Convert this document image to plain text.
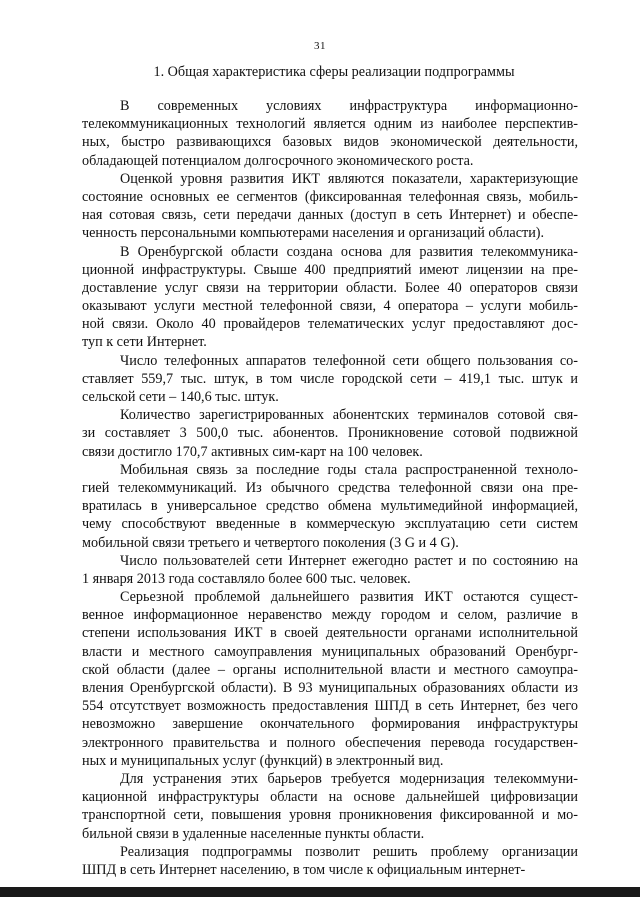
31
1. Общая характеристика сферы реализации подпрограммы
В современных условиях инфраструктура информационно-
телекоммуникационных технологий является одним из наиболее перспектив-
ных, быстро развивающихся базовых видов экономической деятельности,
обладающей потенциалом долгосрочного экономического роста.
Оценкой уровня развития ИКТ являются показатели, характеризующие
состояние основных ее сегментов (фиксированная телефонная связь, мобиль-
ная сотовая связь, сети передачи данных (доступ в сеть Интернет) и обеспе-
ченность персональными компьютерами населения и организаций области).
В Оренбургской области создана основа для развития телекоммуника-
ционной инфраструктуры. Свыше 400 предприятий имеют лицензии на пре-
доставление услуг связи на территории области. Более 40 операторов связи
оказывают услуги местной телефонной связи, 4 оператора – услуги мобиль-
ной связи. Около 40 провайдеров телематических услуг предоставляют дос-
туп к сети Интернет.
Число телефонных аппаратов телефонной сети общего пользования со-
ставляет 559,7 тыс. штук, в том числе городской сети – 419,1 тыс. штук и
сельской сети – 140,6 тыс. штук.
Количество зарегистрированных абонентских терминалов сотовой свя-
зи составляет 3 500,0 тыс. абонентов. Проникновение сотовой подвижной
связи достигло 170,7 активных сим-карт на 100 человек.
Мобильная связь за последние годы стала распространенной техноло-
гией телекоммуникаций. Из обычного средства телефонной связи она пре-
вратилась в универсальное средство обмена мультимедийной информацией,
чему способствуют введенные в коммерческую эксплуатацию сети систем
мобильной связи третьего и четвертого поколения (3 G и 4 G).
Число пользователей сети Интернет ежегодно растет и по состоянию на
1 января 2013 года составляло более 600 тыс. человек.
Серьезной проблемой дальнейшего развития ИКТ остаются сущест-
венное информационное неравенство между городом и селом, различие в
степени использования ИКТ в своей деятельности органами исполнительной
власти и местного самоуправления муниципальных образований Оренбург-
ской области (далее – органы исполнительной власти и местного самоупра-
вления Оренбургской области). В 93 муниципальных образованиях области из
554 отсутствует возможность предоставления ШПД в сеть Интернет, без чего
невозможно завершение окончательного формирования инфраструктуры
электронного правительства и полного обеспечения перевода государствен-
ных и муниципальных услуг (функций) в электронный вид.
Для устранения этих барьеров требуется модернизация телекоммуни-
кационной инфраструктуры области на основе дальнейшей цифровизации
транспортной сети, повышения уровня проникновения фиксированной и мо-
бильной связи в удаленные населенные пункты области.
Реализация подпрограммы позволит решить проблему организации
ШПД в сеть Интернет населению, в том числе к официальным интернет-
